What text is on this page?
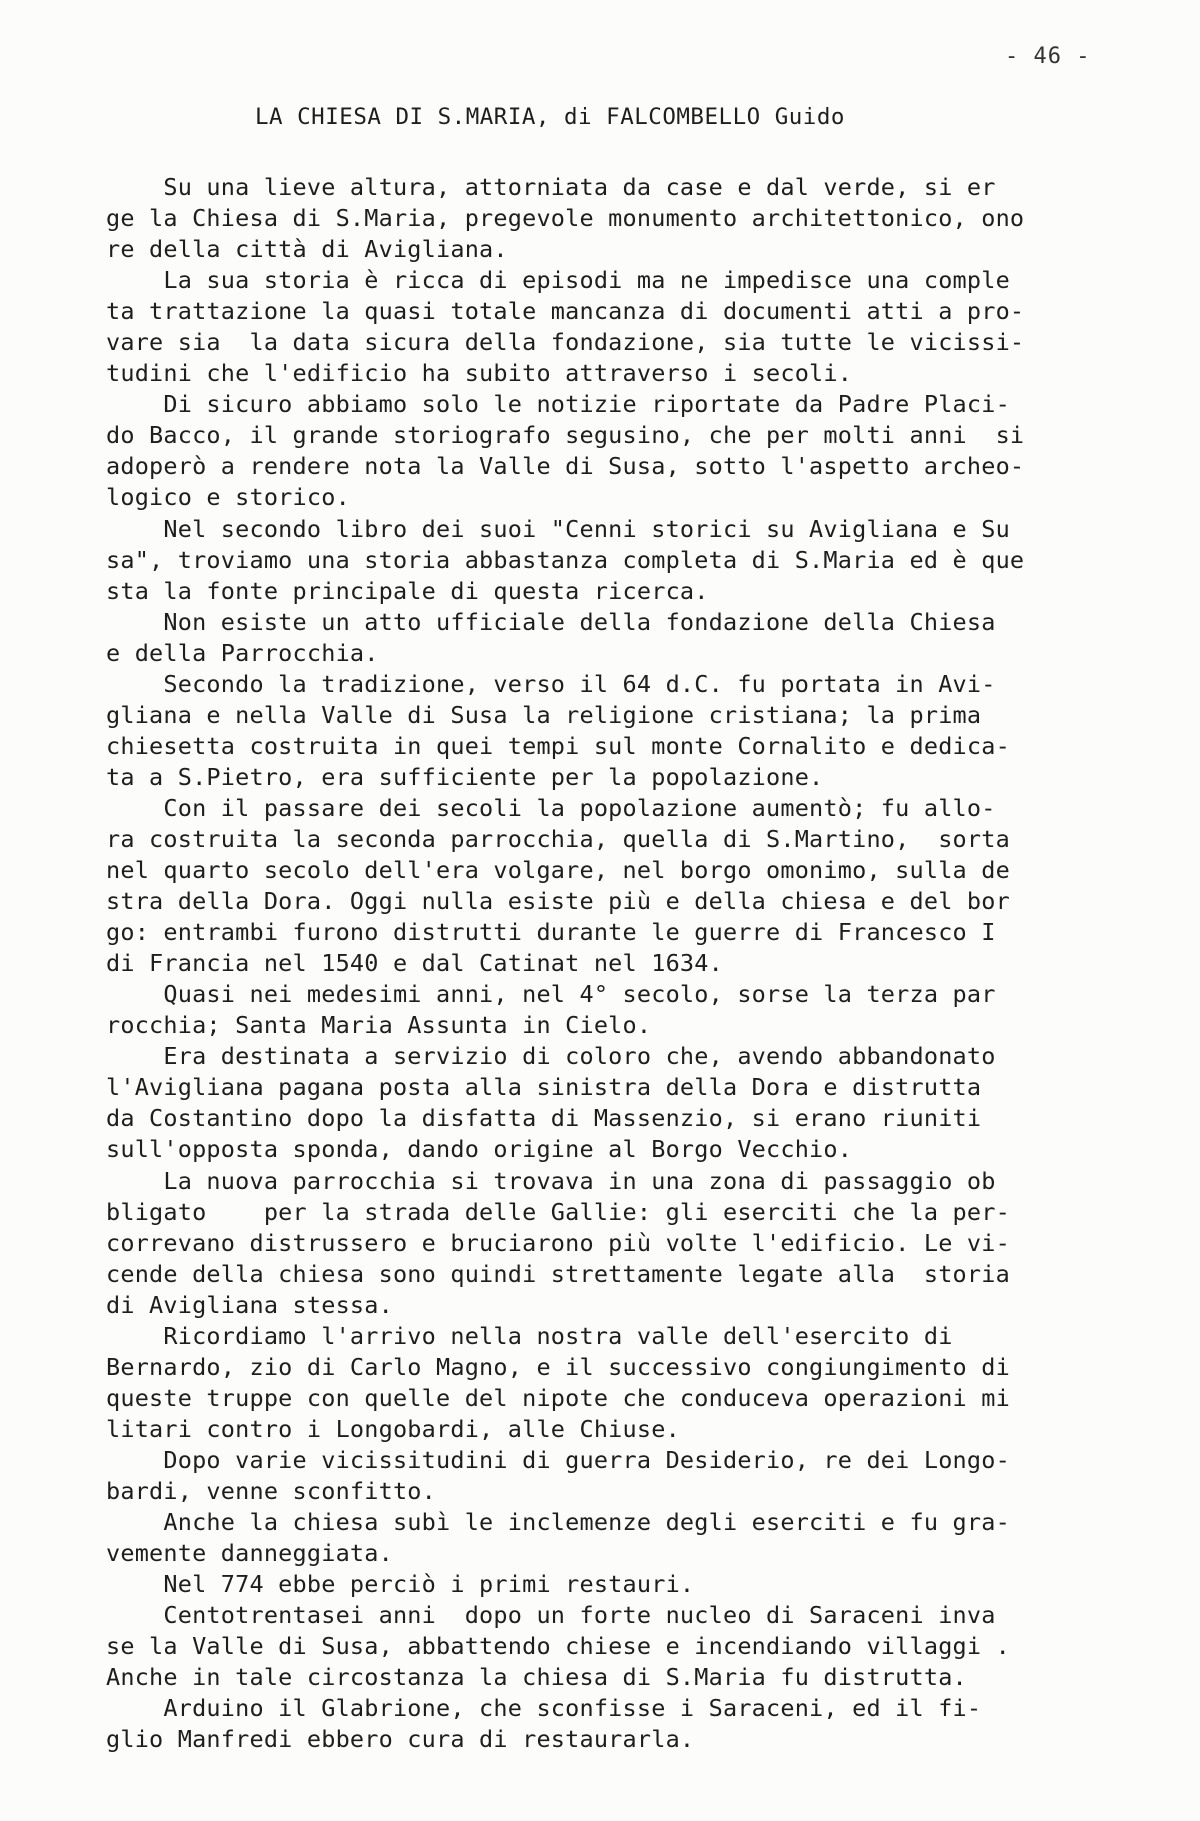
- 46 -
LA CHIESA DI S.MARIA, di FALCOMBELLO Guido
Su una lieve altura, attorniata da case e dal verde, si er
ge la Chiesa di S.Maria, pregevole monumento architettonico, ono
re della città di Avigliana.
La sua storia è ricca di episodi ma ne impedisce una comple
ta trattazione la quasi totale mancanza di documenti atti a pro-
vare sia  la data sicura della fondazione, sia tutte le vicissi-
tudini che l'edificio ha subito attraverso i secoli.
Di sicuro abbiamo solo le notizie riportate da Padre Placi-
do Bacco, il grande storiografo segusino, che per molti anni  si
adoperò a rendere nota la Valle di Susa, sotto l'aspetto archeo-
logico e storico.
Nel secondo libro dei suoi "Cenni storici su Avigliana e Su
sa", troviamo una storia abbastanza completa di S.Maria ed è que
sta la fonte principale di questa ricerca.
Non esiste un atto ufficiale della fondazione della Chiesa
e della Parrocchia.
Secondo la tradizione, verso il 64 d.C. fu portata in Avi-
gliana e nella Valle di Susa la religione cristiana; la prima
chiesetta costruita in quei tempi sul monte Cornalito e dedica-
ta a S.Pietro, era sufficiente per la popolazione.
Con il passare dei secoli la popolazione aumentò; fu allo-
ra costruita la seconda parrocchia, quella di S.Martino,  sorta
nel quarto secolo dell'era volgare, nel borgo omonimo, sulla de
stra della Dora. Oggi nulla esiste più e della chiesa e del bor
go: entrambi furono distrutti durante le guerre di Francesco I
di Francia nel 1540 e dal Catinat nel 1634.
Quasi nei medesimi anni, nel 4° secolo, sorse la terza par
rocchia; Santa Maria Assunta in Cielo.
Era destinata a servizio di coloro che, avendo abbandonato
l'Avigliana pagana posta alla sinistra della Dora e distrutta
da Costantino dopo la disfatta di Massenzio, si erano riuniti
sull'opposta sponda, dando origine al Borgo Vecchio.
La nuova parrocchia si trovava in una zona di passaggio ob
bligato    per la strada delle Gallie: gli eserciti che la per-
correvano distrussero e bruciarono più volte l'edificio. Le vi-
cende della chiesa sono quindi strettamente legate alla  storia
di Avigliana stessa.
Ricordiamo l'arrivo nella nostra valle dell'esercito di
Bernardo, zio di Carlo Magno, e il successivo congiungimento di
queste truppe con quelle del nipote che conduceva operazioni mi
litari contro i Longobardi, alle Chiuse.
Dopo varie vicissitudini di guerra Desiderio, re dei Longo-
bardi, venne sconfitto.
Anche la chiesa subì le inclemenze degli eserciti e fu gra-
vemente danneggiata.
Nel 774 ebbe perciò i primi restauri.
Centotrentasei anni  dopo un forte nucleo di Saraceni inva
se la Valle di Susa, abbattendo chiese e incendiando villaggi .
Anche in tale circostanza la chiesa di S.Maria fu distrutta.
Arduino il Glabrione, che sconfisse i Saraceni, ed il fi-
glio Manfredi ebbero cura di restaurarla.
